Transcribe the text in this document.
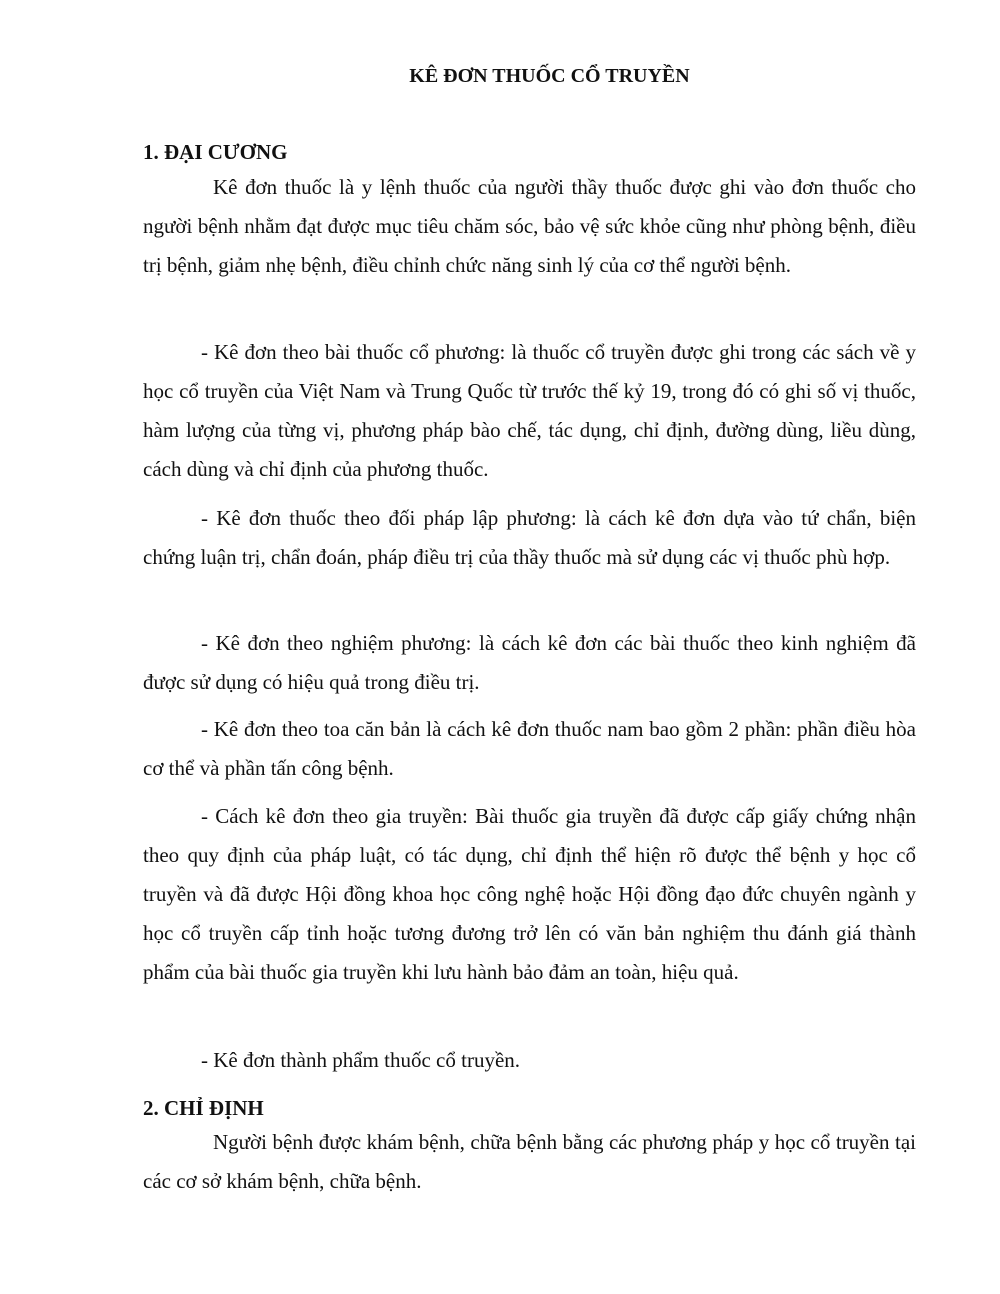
KÊ ĐƠN THUỐC CỔ TRUYỀN
1. ĐẠI CƯƠNG

Kê đơn thuốc là y lệnh thuốc của người thầy thuốc được ghi vào đơn thuốc cho người bệnh nhằm đạt được mục tiêu chăm sóc, bảo vệ sức khỏe cũng như phòng bệnh, điều trị bệnh, giảm nhẹ bệnh, điều chỉnh chức năng sinh lý của cơ thể người bệnh.

- Kê đơn theo bài thuốc cổ phương: là thuốc cổ truyền được ghi trong các sách về y học cổ truyền của Việt Nam và Trung Quốc từ trước thế kỷ 19, trong đó có ghi số vị thuốc, hàm lượng của từng vị, phương pháp bào chế, tác dụng, chỉ định, đường dùng, liều dùng, cách dùng và chỉ định của phương thuốc.

- Kê đơn thuốc theo đối pháp lập phương: là cách kê đơn dựa vào tứ chẩn, biện chứng luận trị, chẩn đoán, pháp điều trị của thầy thuốc mà sử dụng các vị thuốc phù hợp.

- Kê đơn theo nghiệm phương: là cách kê đơn các bài thuốc theo kinh nghiệm đã được sử dụng có hiệu quả trong điều trị.

- Kê đơn theo toa căn bản là cách kê đơn thuốc nam bao gồm 2 phần: phần điều hòa cơ thể và phần tấn công bệnh.

- Cách kê đơn theo gia truyền: Bài thuốc gia truyền đã được cấp giấy chứng nhận theo quy định của pháp luật, có tác dụng, chỉ định thể hiện rõ được thể bệnh y học cổ truyền và đã được Hội đồng khoa học công nghệ hoặc Hội đồng đạo đức chuyên ngành y học cổ truyền cấp tỉnh hoặc tương đương trở lên có văn bản nghiệm thu đánh giá thành phẩm của bài thuốc gia truyền khi lưu hành bảo đảm an toàn, hiệu quả.

- Kê đơn thành phẩm thuốc cổ truyền.

2. CHỈ ĐỊNH

Người bệnh được khám bệnh, chữa bệnh bằng các phương pháp y học cổ truyền tại các cơ sở khám bệnh, chữa bệnh.
